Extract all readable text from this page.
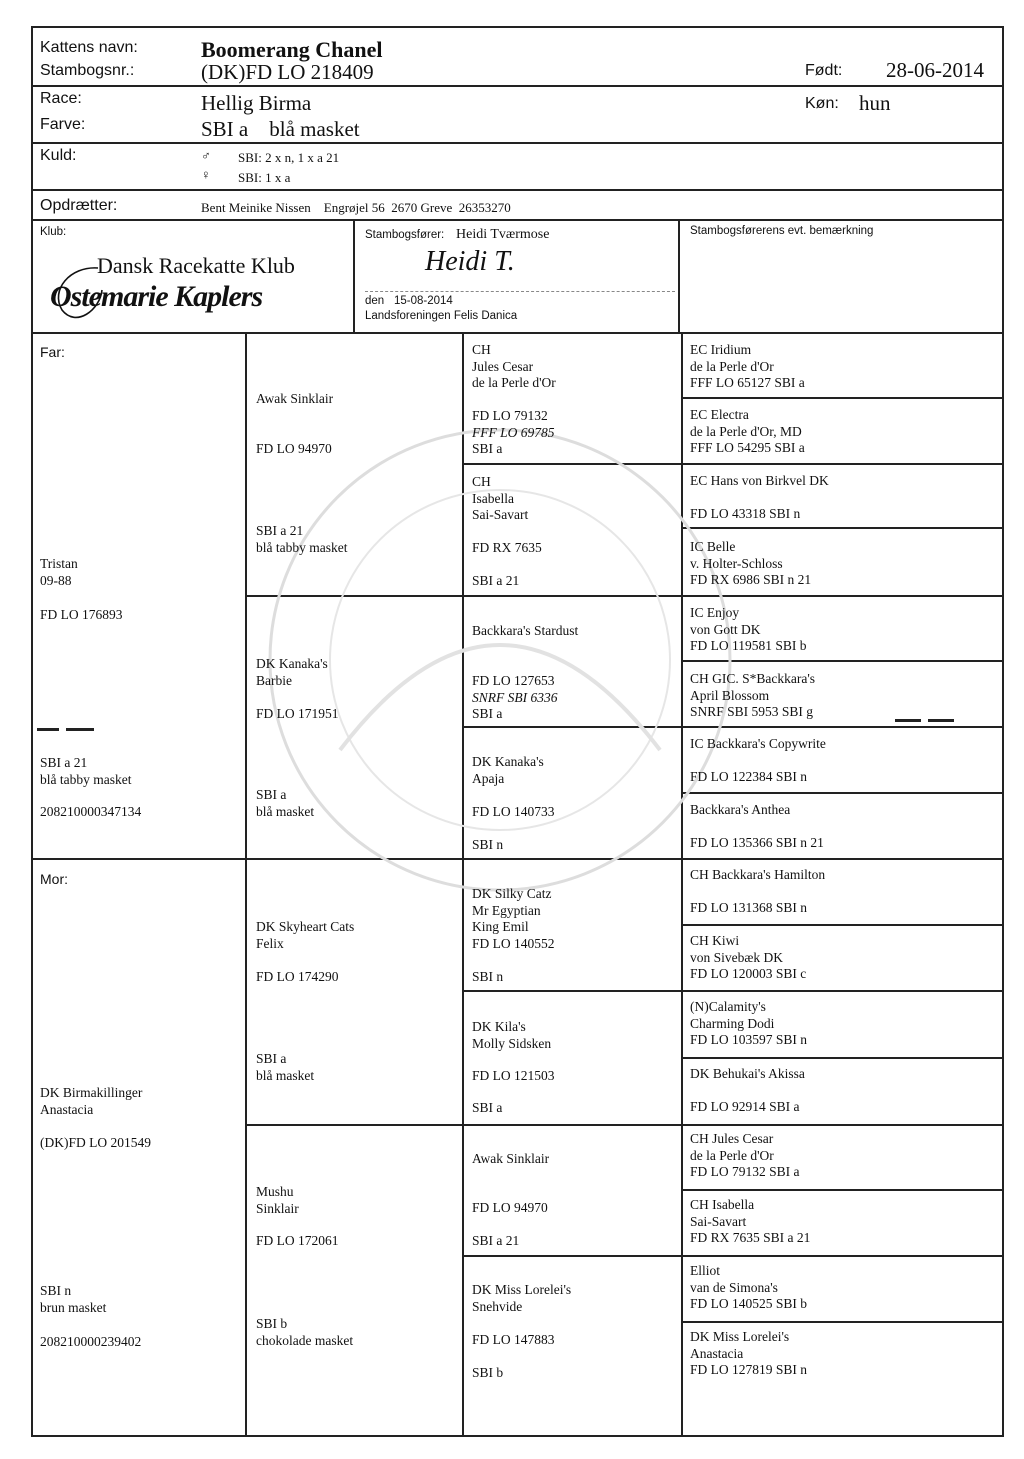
Kattens navn:	Boomerang Chanel
Stambogsnr.:	(DK)FD LO 218409	Født: 28-06-2014
Race:	Hellig Birma	Køn: hun
Farve:	SBI a    blå masket
Kuld:	♂ SBI: 2 x n, 1 x a 21
♀ SBI: 1 x a
Opdrætter:	Bent Meinike Nissen    Engrøjel 56  2670 Greve  26353270
Klub:
Dansk Racekatte Klub
Ostemarie Kaplers
Stambogsfører: Heidi Tværmose
Heidi T.
den 15-08-2014
Landsforeningen Felis Danica
Stambogsførerens evt. bemærkning
Far:
Tristan
09-88
FD LO 176893
SBI a 21
blå tabby masket
208210000347134
Mor:
DK Birmakillinger
Anastacia
(DK)FD LO 201549
SBI n
brun masket
208210000239402
Awak Sinklair
FD LO 94970
SBI a 21
blå tabby masket
DK Kanaka's
Barbie
FD LO 171951
SBI a
blå masket
DK Skyheart Cats
Felix
FD LO 174290
SBI a
blå masket
Mushu
Sinklair
FD LO 172061
SBI b
chokolade masket
CH
Jules Cesar
de la Perle d'Or
FD LO 79132
FFF LO 69785
SBI a
CH
Isabella
Sai-Savart
FD RX 7635
SBI a 21
Backkara's Stardust
FD LO 127653
SNRF SBI 6336
SBI a
DK Kanaka's
Apaja
FD LO 140733
SBI n
DK Silky Catz
Mr Egyptian
King Emil
FD LO 140552
SBI n
DK Kila's
Molly Sidsken
FD LO 121503
SBI a
Awak Sinklair
FD LO 94970
SBI a 21
DK Miss Lorelei's
Snehvide
FD LO 147883
SBI b
EC Iridium
de la Perle d'Or
FFF LO 65127 SBI a
EC Electra
de la Perle d'Or, MD
FFF LO 54295 SBI a
EC Hans von Birkvel DK
FD LO 43318 SBI n
IC Belle
v. Holter-Schloss
FD RX 6986 SBI n 21
IC Enjoy
von Gott DK
FD LO 119581 SBI b
CH GIC. S*Backkara's
April Blossom
SNRF SBI 5953 SBI g
IC Backkara's Copywrite
FD LO 122384 SBI n
Backkara's Anthea
FD LO 135366 SBI n 21
CH Backkara's Hamilton
FD LO 131368 SBI n
CH Kiwi
von Sivebæk DK
FD LO 120003 SBI c
(N)Calamity's
Charming Dodi
FD LO 103597 SBI n
DK Behukai's Akissa
FD LO 92914 SBI a
CH Jules Cesar
de la Perle d'Or
FD LO 79132 SBI a
CH Isabella
Sai-Savart
FD RX 7635 SBI a 21
Elliot
van de Simona's
FD LO 140525 SBI b
DK Miss Lorelei's
Anastacia
FD LO 127819 SBI n
